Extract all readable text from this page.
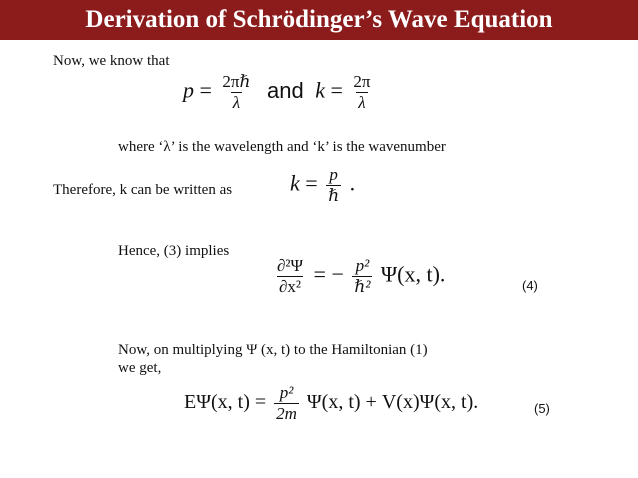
Derivation of Schrödinger’s Wave Equation
Now, we know that
$p = \frac{\text{2πℏ}}{\lambda}$ and $k = \frac{2\pi}{\lambda}$
where ‘λ’ is the wavelength and ‘k’ is the wavenumber
Therefore, k can be written as	$k = \frac{p}{\text{ℏ}}$ .
Hence, (3) implies
$\frac{\text{∂²Ψ}}{\text{∂x²}}$ = − $\frac{\text{p²}}{\text{ℏ²}} \Psi(x$, t).	(4)
Now, on multiplying Ψ (x, t) to the Hamiltonian (1)
we get,
EΨ(x, $t) = \frac{\text{p²}}{2m} \Psi(x$, t) + V(x)Ψ(x, t).	(5)
